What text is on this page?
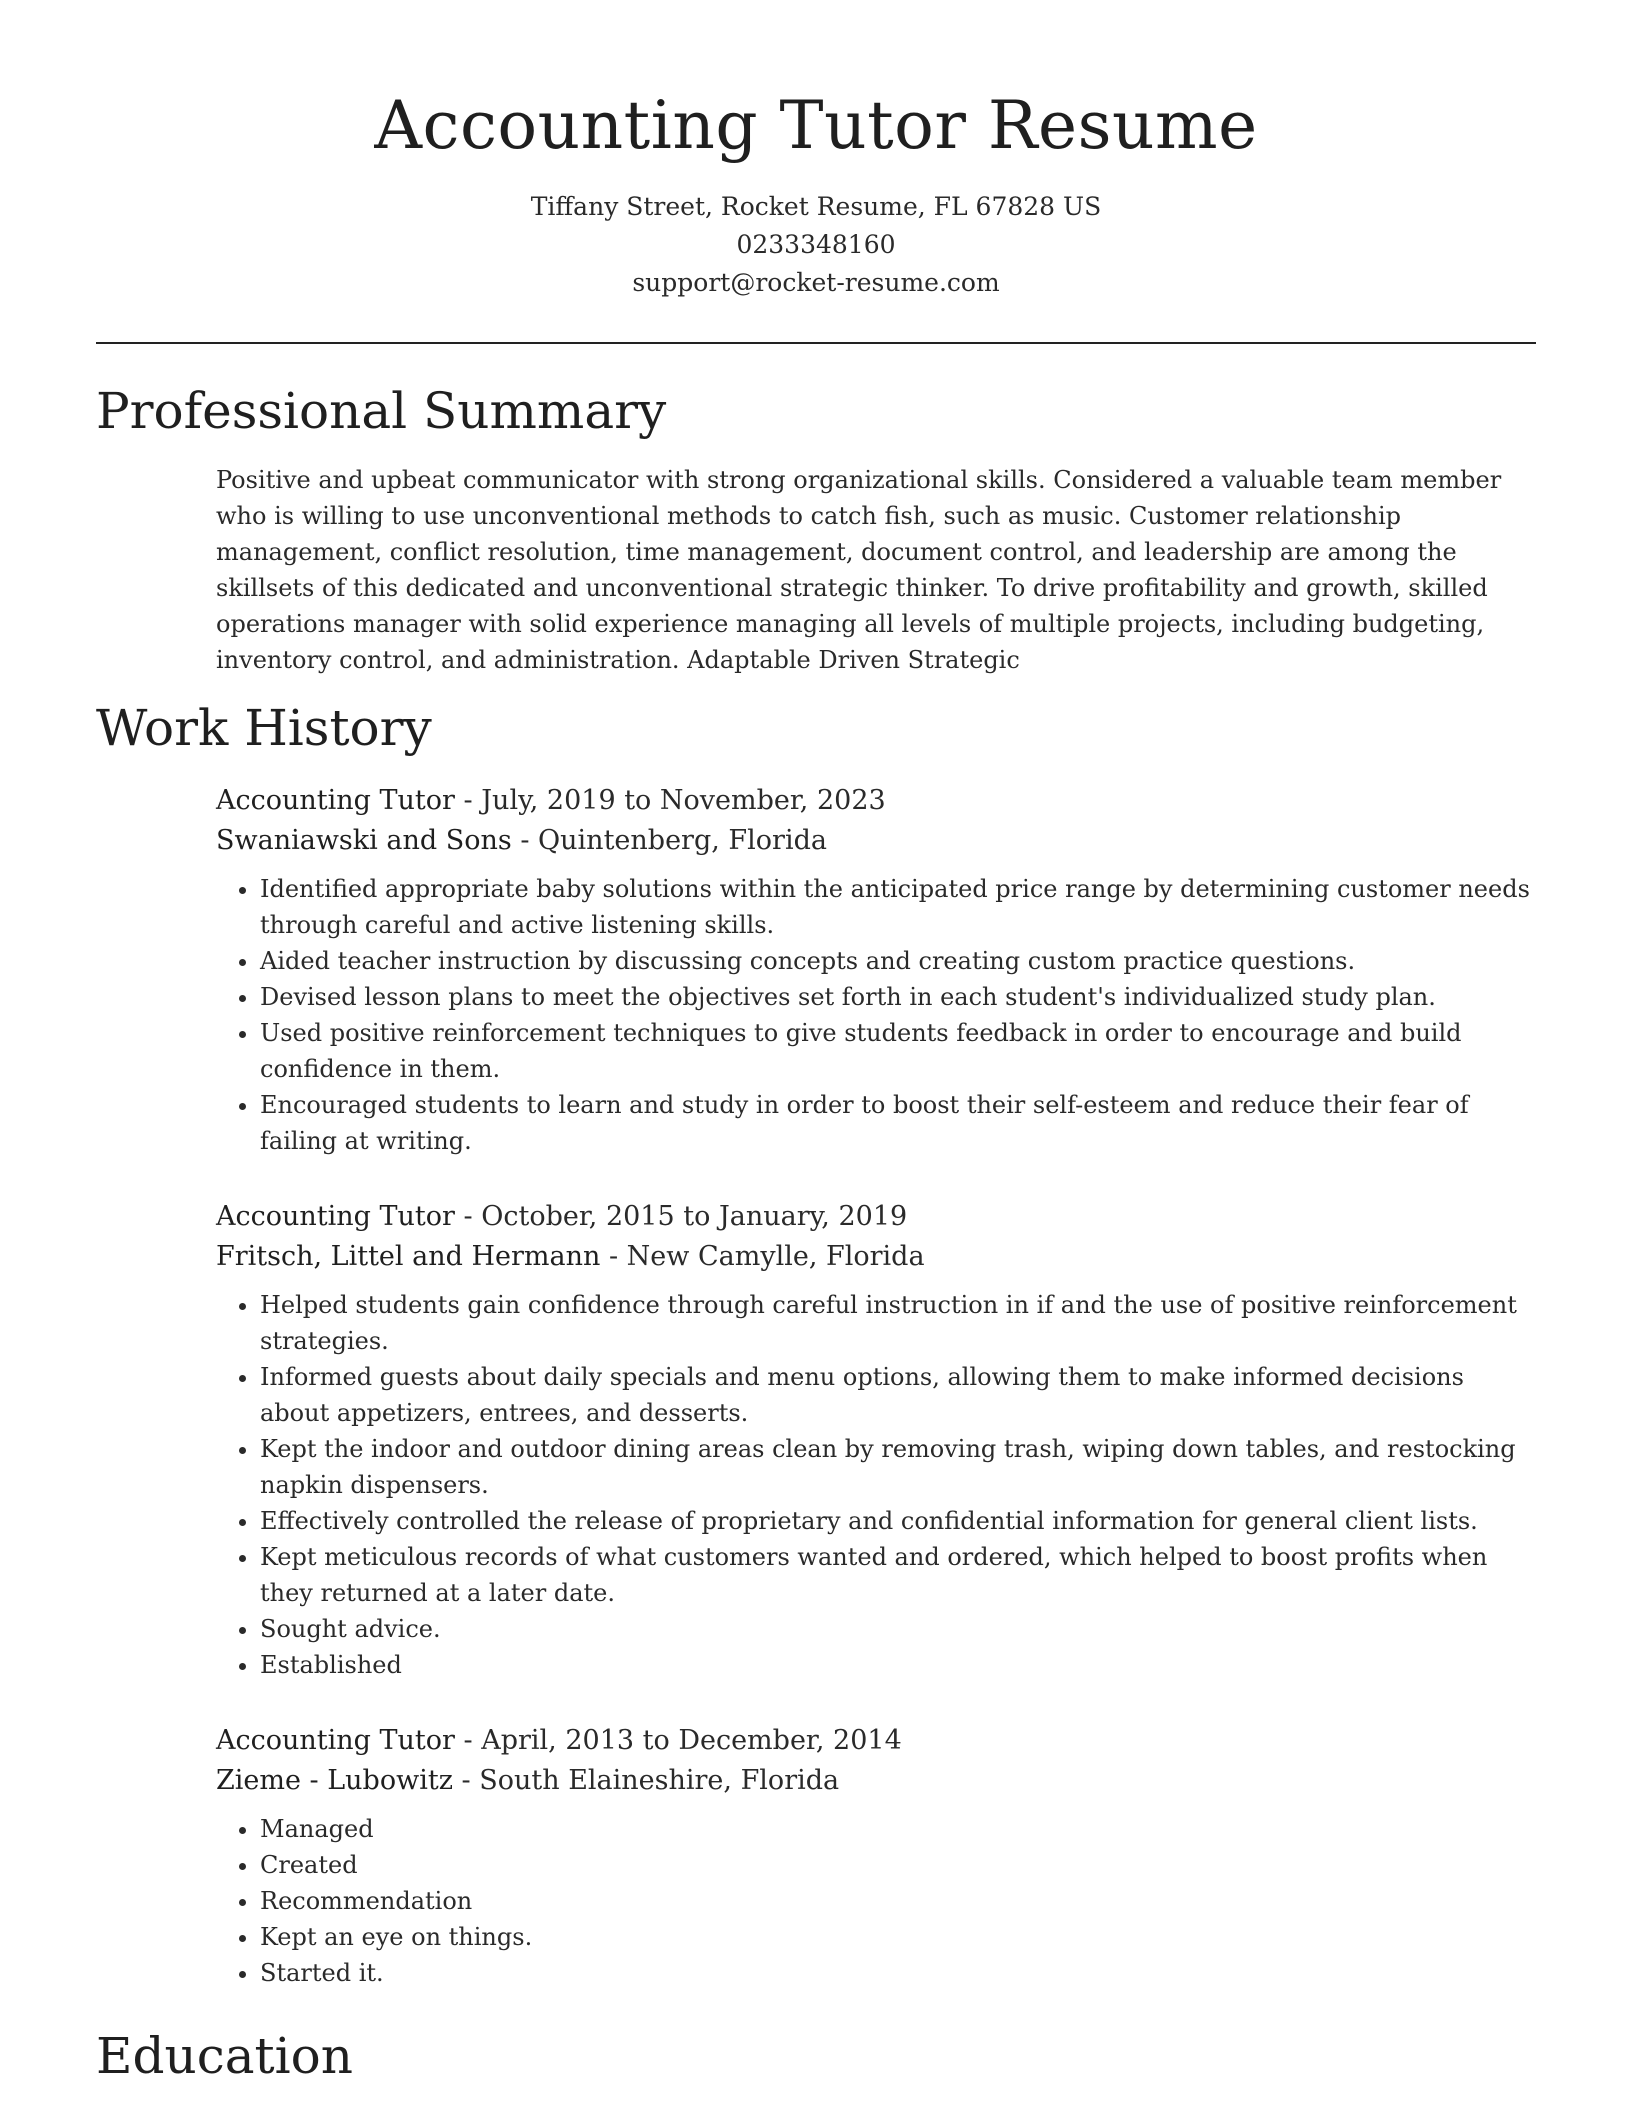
Accounting Tutor Resume
Tiffany Street, Rocket Resume, FL 67828 US
0233348160
support@rocket-resume.com
Professional Summary
Positive and upbeat communicator with strong organizational skills. Considered a valuable team member who is willing to use unconventional methods to catch fish, such as music. Customer relationship management, conflict resolution, time management, document control, and leadership are among the skillsets of this dedicated and unconventional strategic thinker. To drive profitability and growth, skilled operations manager with solid experience managing all levels of multiple projects, including budgeting, inventory control, and administration. Adaptable Driven Strategic
Work History
Accounting Tutor - July, 2019 to November, 2023
Swaniawski and Sons - Quintenberg, Florida
• Identified appropriate baby solutions within the anticipated price range by determining customer needs through careful and active listening skills.
• Aided teacher instruction by discussing concepts and creating custom practice questions.
• Devised lesson plans to meet the objectives set forth in each student's individualized study plan.
• Used positive reinforcement techniques to give students feedback in order to encourage and build confidence in them.
• Encouraged students to learn and study in order to boost their self-esteem and reduce their fear of failing at writing.
Accounting Tutor - October, 2015 to January, 2019
Fritsch, Littel and Hermann - New Camylle, Florida
• Helped students gain confidence through careful instruction in if and the use of positive reinforcement strategies.
• Informed guests about daily specials and menu options, allowing them to make informed decisions about appetizers, entrees, and desserts.
• Kept the indoor and outdoor dining areas clean by removing trash, wiping down tables, and restocking napkin dispensers.
• Effectively controlled the release of proprietary and confidential information for general client lists.
• Kept meticulous records of what customers wanted and ordered, which helped to boost profits when they returned at a later date.
• Sought advice.
• Established
Accounting Tutor - April, 2013 to December, 2014
Zieme - Lubowitz - South Elaineshire, Florida
• Managed
• Created
• Recommendation
• Kept an eye on things.
• Started it.
Education
